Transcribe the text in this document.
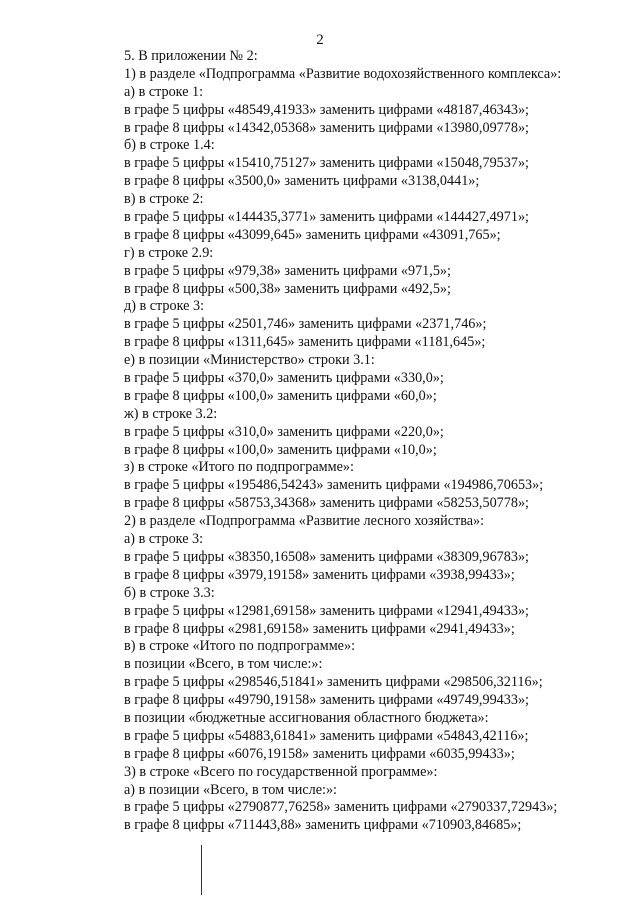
2
5. В приложении № 2:
1) в разделе «Подпрограмма «Развитие водохозяйственного комплекса»:
а) в строке 1:
в графе 5 цифры «48549,41933» заменить цифрами «48187,46343»;
в графе 8 цифры «14342,05368» заменить цифрами «13980,09778»;
б) в строке 1.4:
в графе 5 цифры «15410,75127» заменить цифрами «15048,79537»;
в графе 8 цифры «3500,0» заменить цифрами «3138,0441»;
в) в строке 2:
в графе 5 цифры «144435,3771» заменить цифрами «144427,4971»;
в графе 8 цифры «43099,645» заменить цифрами «43091,765»;
г) в строке 2.9:
в графе 5 цифры «979,38» заменить цифрами «971,5»;
в графе 8 цифры «500,38» заменить цифрами «492,5»;
д) в строке 3:
в графе 5 цифры «2501,746» заменить цифрами «2371,746»;
в графе 8 цифры «1311,645» заменить цифрами «1181,645»;
е) в позиции «Министерство» строки 3.1:
в графе 5 цифры «370,0» заменить цифрами «330,0»;
в графе 8 цифры «100,0» заменить цифрами «60,0»;
ж) в строке 3.2:
в графе 5 цифры «310,0» заменить цифрами «220,0»;
в графе 8 цифры «100,0» заменить цифрами «10,0»;
з) в строке «Итого по подпрограмме»:
в графе 5 цифры «195486,54243» заменить цифрами «194986,70653»;
в графе 8 цифры «58753,34368» заменить цифрами «58253,50778»;
2) в разделе «Подпрограмма «Развитие лесного хозяйства»:
а) в строке 3:
в графе 5 цифры «38350,16508» заменить цифрами «38309,96783»;
в графе 8 цифры «3979,19158» заменить цифрами «3938,99433»;
б) в строке 3.3:
в графе 5 цифры «12981,69158» заменить цифрами «12941,49433»;
в графе 8 цифры «2981,69158» заменить цифрами «2941,49433»;
в) в строке «Итого по подпрограмме»:
в позиции «Всего, в том числе:»:
в графе 5 цифры «298546,51841» заменить цифрами «298506,32116»;
в графе 8 цифры «49790,19158» заменить цифрами «49749,99433»;
в позиции «бюджетные ассигнования областного бюджета»:
в графе 5 цифры «54883,61841» заменить цифрами «54843,42116»;
в графе 8 цифры «6076,19158» заменить цифрами «6035,99433»;
3) в строке «Всего по государственной программе»:
а) в позиции «Всего, в том числе:»:
в графе 5 цифры «2790877,76258» заменить цифрами «2790337,72943»;
в графе 8 цифры «711443,88» заменить цифрами «710903,84685»;
